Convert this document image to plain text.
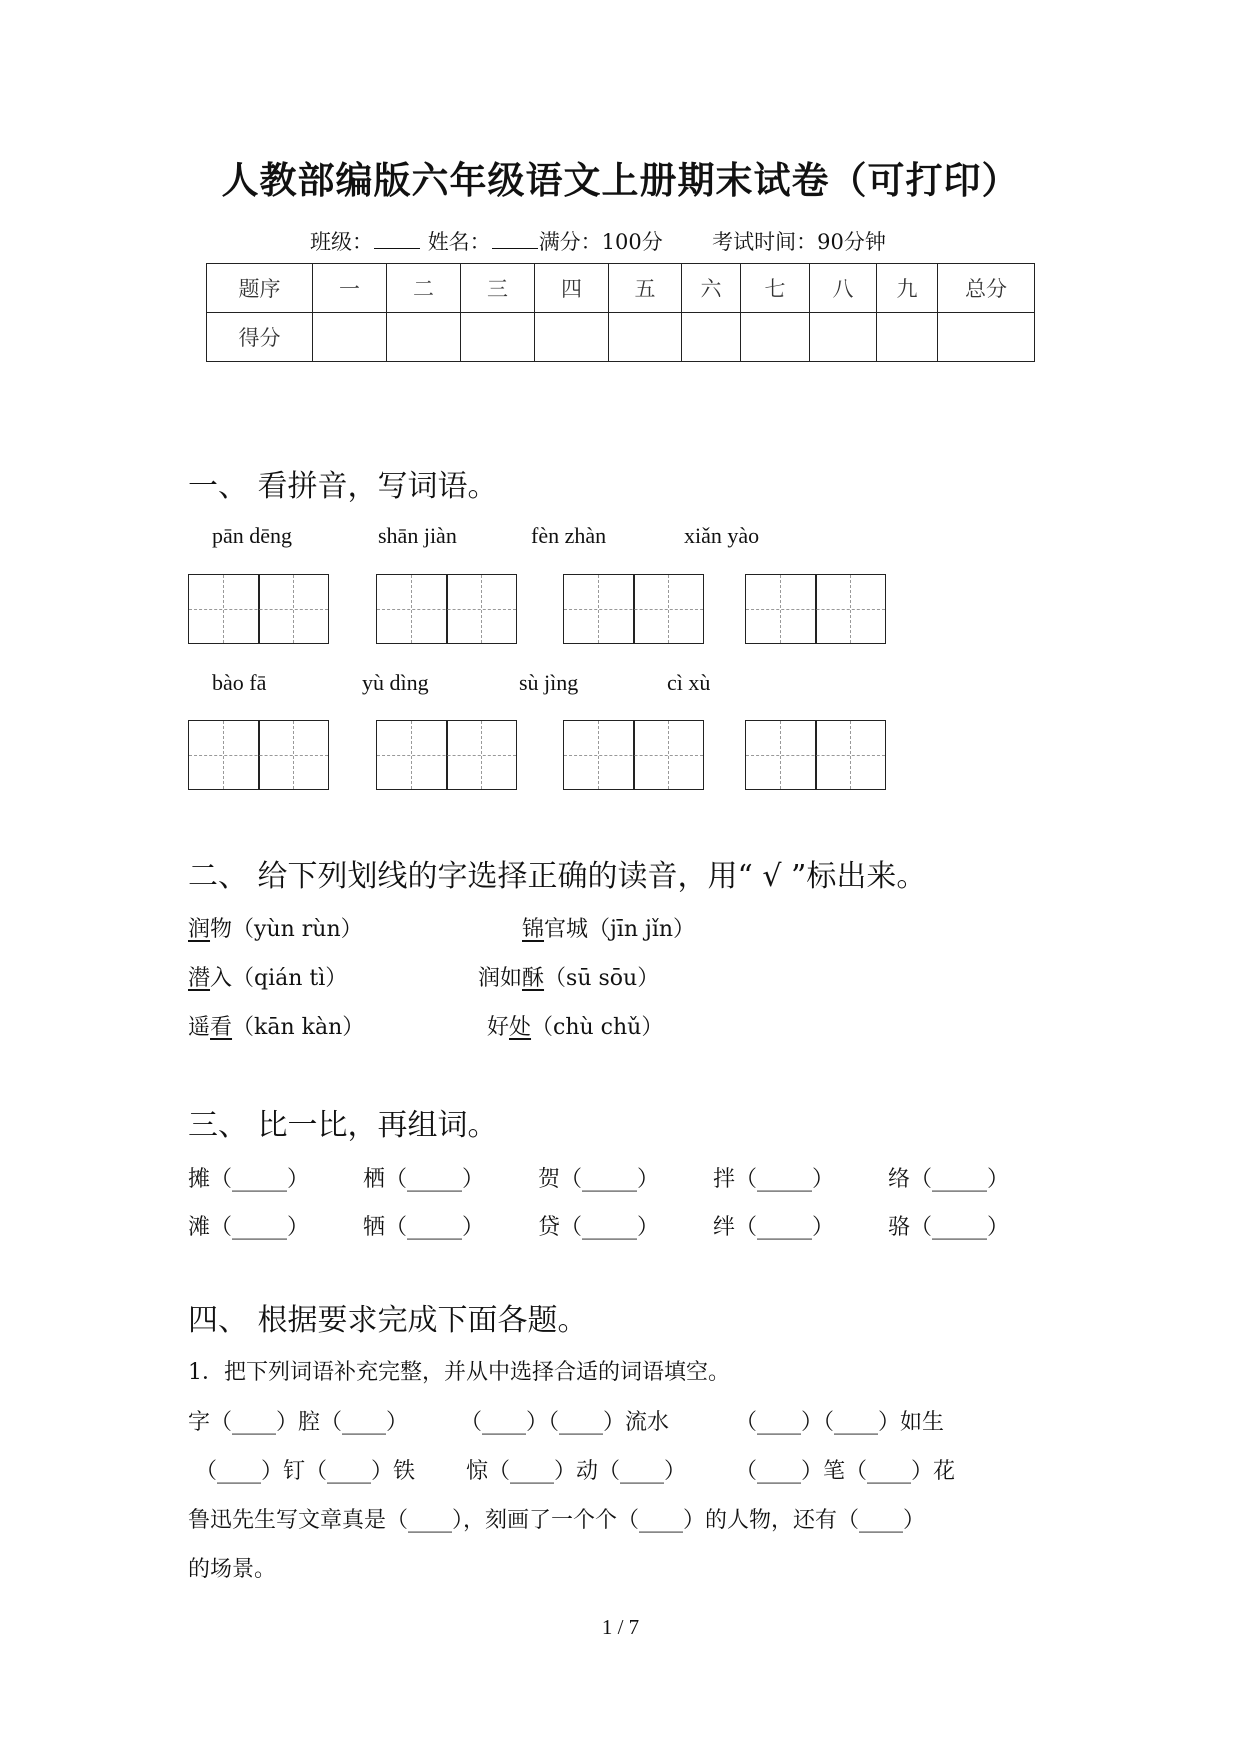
人教部编版六年级语文上册期末试卷（可打印）
班级：	姓名： 满分：100分 考试时间：90分钟
题序	一	二	三	四	五	六	七	八	九	总分
得分										
一、 看拼音，写词语。
pān dēng	shān jiàn	fèn zhàn	xiǎn yào
bào fā	yù dìng	sù jìng	cì xù
二、 给下列划线的字选择正确的读音，用“ √ ”标出来。
润物（yùn rùn）	锦官城（jīn jǐn）
潜入（qián tì）	润如酥（sū sōu）
遥看（kān kàn）	好处（chù chǔ）
三、 比一比，再组词。
摊（_____） 栖（_____） 贺（_____） 拌（_____） 络（_____）
滩（_____） 牺（_____） 贷（_____） 绊（_____） 骆（_____）
四、 根据要求完成下面各题。
1．把下列词语补充完整，并从中选择合适的词语填空。
字（____）腔（____） （____）（____）流水	（____）（____）如生
（____）钉（____）铁 惊（____）动（____） （____）笔（____）花
鲁迅先生写文章真是（____），刻画了一个个（____）的人物，还有（____）
的场景。
1 / 7
